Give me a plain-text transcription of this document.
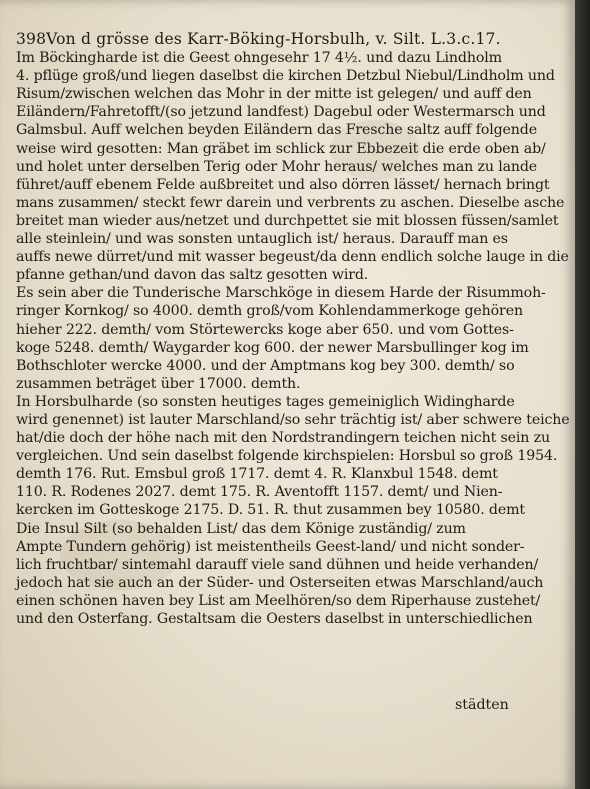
398Von d grösse des Karr-Böking-Horsbulh, v. Silt. L.3.c.17.
Im Böckingharde ist die Geest ohngesehr 17 4½. und dazu Lindholm
4. pflüge groß/und liegen daselbst die kirchen Detzbul Niebul/Lindholm und
Risum/zwischen welchen das Mohr in der mitte ist gelegen/ und auff den
Eiländern/Fahretofft/(so jetzund landfest) Dagebul oder Westermarsch und
Galmsbul. Auff welchen beyden Eiländern das Fresche saltz auff folgende
weise wird gesotten: Man gräbet im schlick zur Ebbezeit die erde oben ab/
und holet unter derselben Terig oder Mohr heraus/ welches man zu lande
führet/auff ebenem Felde außbreitet und also dörren lässet/ hernach bringt
mans zusammen/ steckt fewr darein und verbrents zu aschen. Dieselbe asche
breitet man wieder aus/netzet und durchpettet sie mit blossen füssen/samlet
alle steinlein/ und was sonsten untauglich ist/ heraus. Darauff man es
auffs newe dürret/und mit wasser begeust/da denn endlich solche lauge in die
pfanne gethan/und davon das saltz gesotten wird.
Es sein aber die Tunderische Marschköge in diesem Harde der Risummoh-
ringer Kornkog/ so 4000. demth groß/vom Kohlendammerkoge gehören
hieher 222. demth/ vom Störtewercks koge aber 650. und vom Gottes-
koge 5248. demth/ Waygarder kog 600. der newer Marsbullinger kog im
Bothschloter wercke 4000. und der Amptmans kog bey 300. demth/ so
zusammen beträget über 17000. demth.
In Horsbulharde (so sonsten heutiges tages gemeiniglich Widingharde
wird genennet) ist lauter Marschland/so sehr trächtig ist/ aber schwere teiche
hat/die doch der höhe nach mit den Nordstrandingern teichen nicht sein zu
vergleichen. Und sein daselbst folgende kirchspielen: Horsbul so groß 1954.
demth 176. Rut. Emsbul groß 1717. demt 4. R. Klanxbul 1548. demt
110. R. Rodenes 2027. demt 175. R. Aventofft 1157. demt/ und Nien-
kercken im Gotteskoge 2175. D. 51. R. thut zusammen bey 10580. demt
Die Insul Silt (so behalden List/ das dem Könige zuständig/ zum
Ampte Tundern gehörig) ist meistentheils Geest-land/ und nicht sonder-
lich fruchtbar/ sintemahl darauff viele sand dühnen und heide verhanden/
jedoch hat sie auch an der Süder- und Osterseiten etwas Marschland/auch
einen schönen haven bey List am Meelhören/so dem Riperhause zustehet/
und den Osterfang. Gestaltsam die Oesters daselbst in unterschiedlichen
städten
